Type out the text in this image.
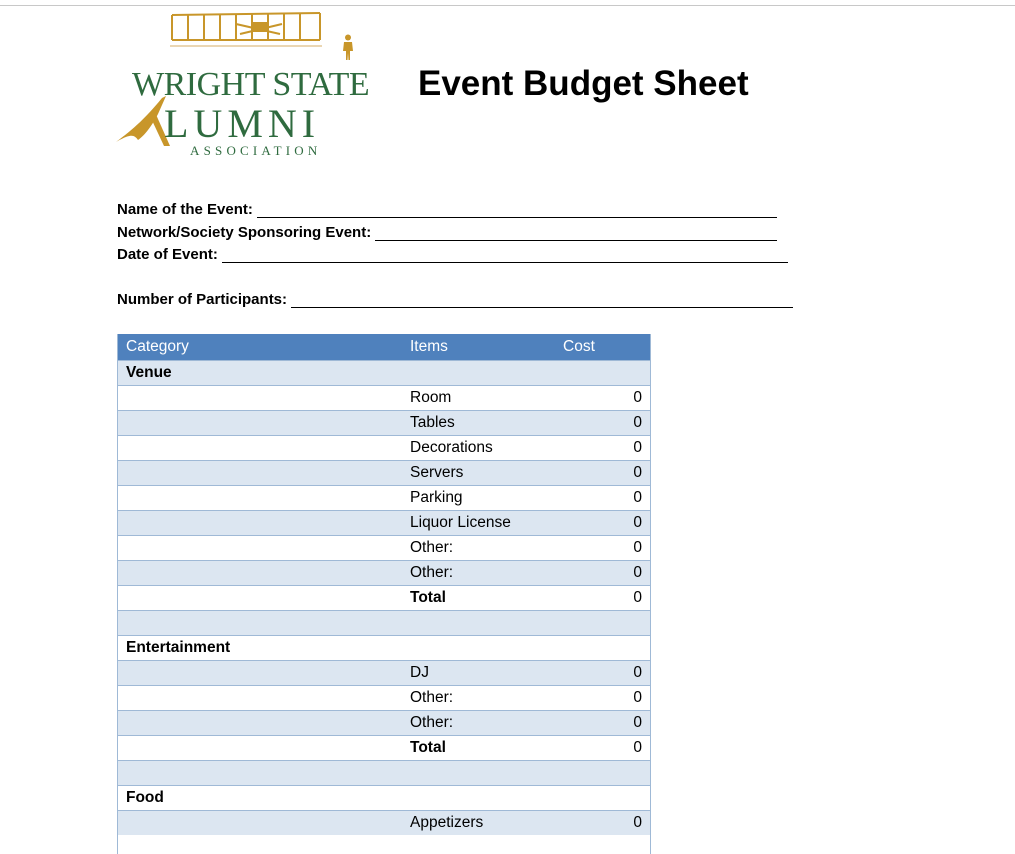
WRIGHT STATE
LUMNI
ASSOCIATION
Event Budget Sheet
Name of the Event:
Network/Society Sponsoring Event:
Date of Event:
Number of Participants:
Category	Items	Cost
Venue		
	Room	0
	Tables	0
	Decorations	0
	Servers	0
	Parking	0
	Liquor License	0
	Other:	0
	Other:	0
	Total	0

Entertainment		
	DJ	0
	Other:	0
	Other:	0
	Total	0

Food		
	Appetizers	0
